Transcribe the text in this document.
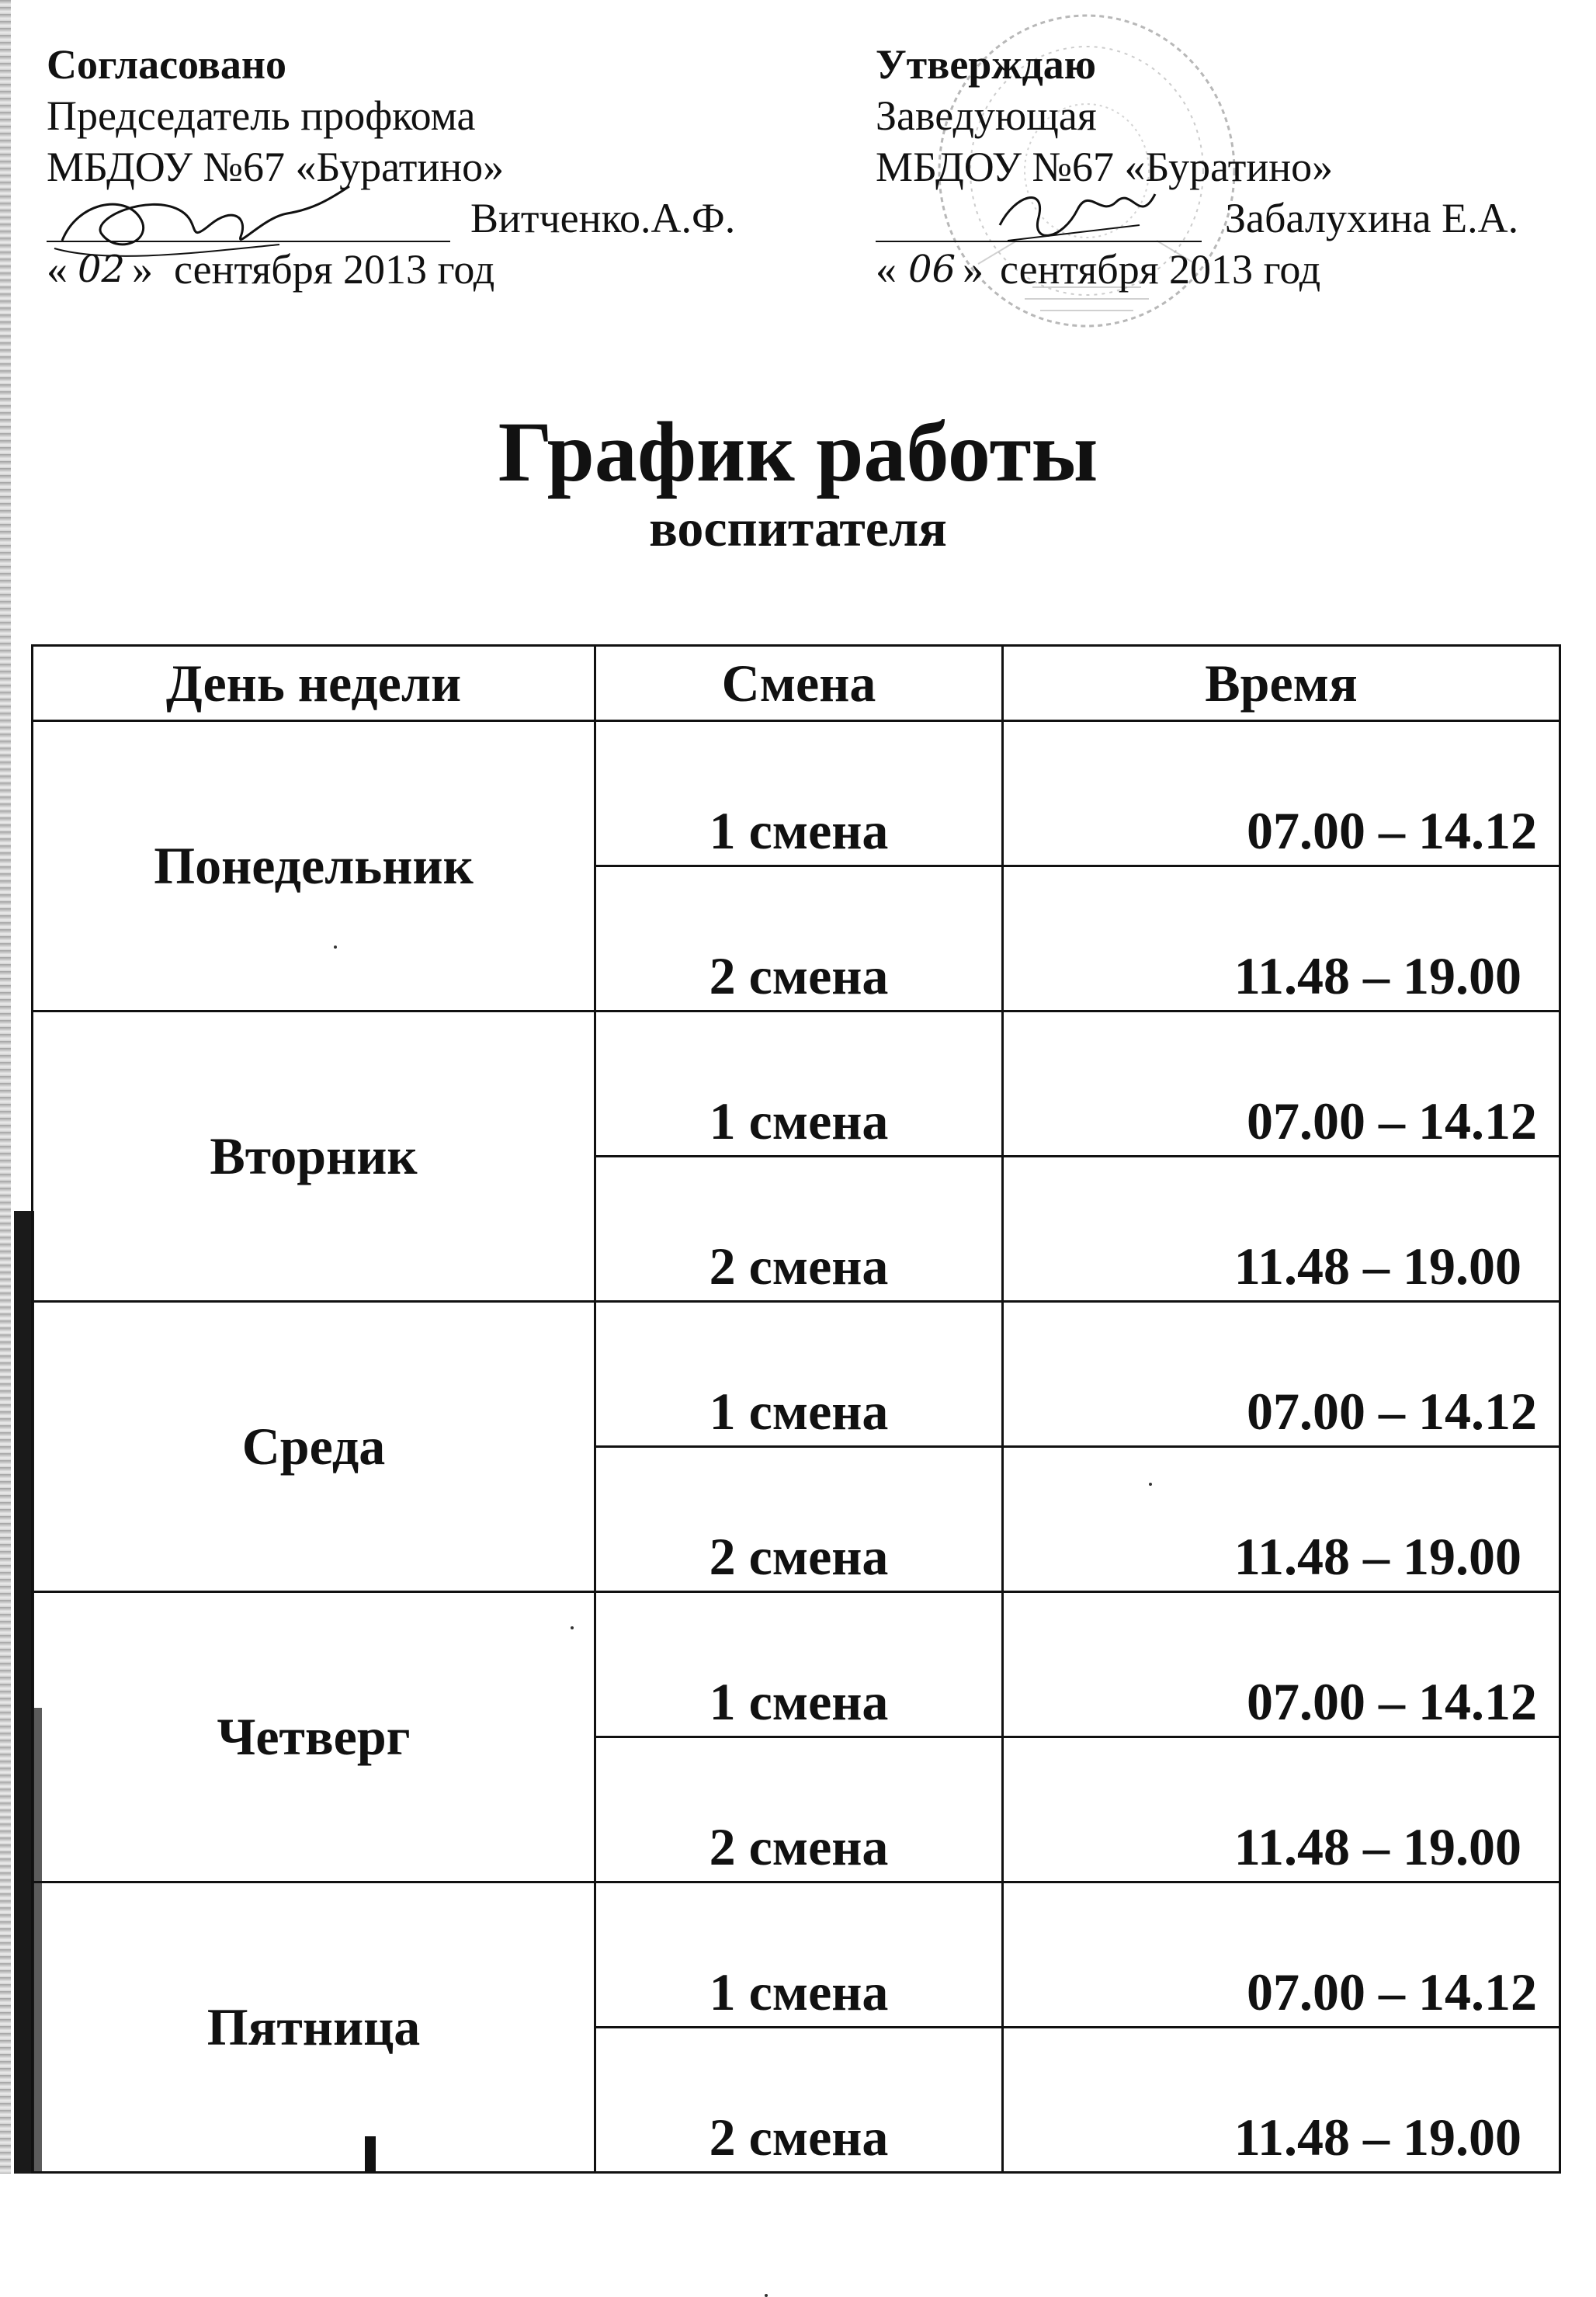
Согласовано
Председатель профкома
МБДОУ №67 «Буратино»
Витченко.А.Ф.
« 02 » сентября 2013 год
Утверждаю
Заведующая
МБДОУ №67 «Буратино»
Забалухина Е.А.
« 06 » сентября 2013 год
График работы
воспитателя
День недели	Смена	Время
Понедельник	1 смена	07.00 – 14.12
	2 смена	11.48 – 19.00
Вторник	1 смена	07.00 – 14.12
	2 смена	11.48 – 19.00
Среда	1 смена	07.00 – 14.12
	2 смена	11.48 – 19.00
Четверг	1 смена	07.00 – 14.12
	2 смена	11.48 – 19.00
Пятница	1 смена	07.00 – 14.12
	2 смена	11.48 – 19.00
